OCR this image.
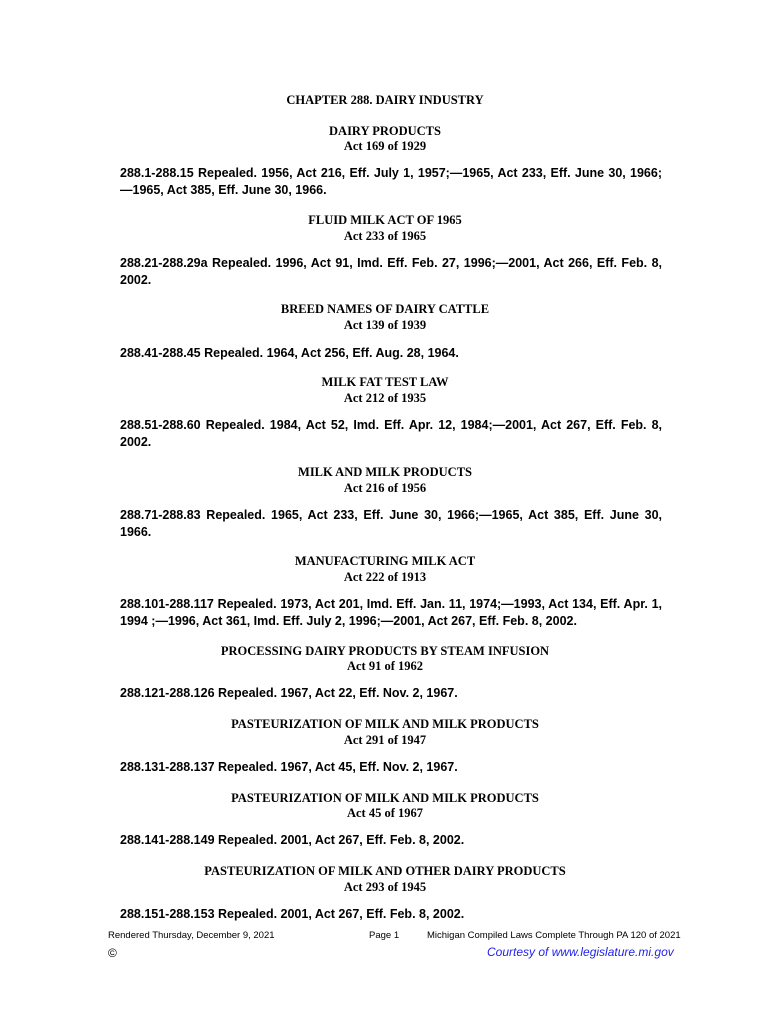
CHAPTER 288. DAIRY INDUSTRY
DAIRY PRODUCTS
Act 169 of 1929
288.1-288.15 Repealed. 1956, Act 216, Eff. July 1, 1957;—1965, Act 233, Eff. June 30, 1966;—1965, Act 385, Eff. June 30, 1966.
FLUID MILK ACT OF 1965
Act 233 of 1965
288.21-288.29a Repealed. 1996, Act 91, Imd. Eff. Feb. 27, 1996;—2001, Act 266, Eff. Feb. 8, 2002.
BREED NAMES OF DAIRY CATTLE
Act 139 of 1939
288.41-288.45 Repealed. 1964, Act 256, Eff. Aug. 28, 1964.
MILK FAT TEST LAW
Act 212 of 1935
288.51-288.60 Repealed. 1984, Act 52, Imd. Eff. Apr. 12, 1984;—2001, Act 267, Eff. Feb. 8, 2002.
MILK AND MILK PRODUCTS
Act 216 of 1956
288.71-288.83 Repealed. 1965, Act 233, Eff. June 30, 1966;—1965, Act 385, Eff. June 30, 1966.
MANUFACTURING MILK ACT
Act 222 of 1913
288.101-288.117 Repealed. 1973, Act 201, Imd. Eff. Jan. 11, 1974;—1993, Act 134, Eff. Apr. 1, 1994 ;—1996, Act 361, Imd. Eff. July 2, 1996;—2001, Act 267, Eff. Feb. 8, 2002.
PROCESSING DAIRY PRODUCTS BY STEAM INFUSION
Act 91 of 1962
288.121-288.126 Repealed. 1967, Act 22, Eff. Nov. 2, 1967.
PASTEURIZATION OF MILK AND MILK PRODUCTS
Act 291 of 1947
288.131-288.137 Repealed. 1967, Act 45, Eff. Nov. 2, 1967.
PASTEURIZATION OF MILK AND MILK PRODUCTS
Act 45 of 1967
288.141-288.149 Repealed. 2001, Act 267, Eff. Feb. 8, 2002.
PASTEURIZATION OF MILK AND OTHER DAIRY PRODUCTS
Act 293 of 1945
288.151-288.153 Repealed. 2001, Act 267, Eff. Feb. 8, 2002.
Rendered Thursday, December 9, 2021	Page 1	Michigan Compiled Laws Complete Through PA 120 of 2021
©	Courtesy of www.legislature.mi.gov
